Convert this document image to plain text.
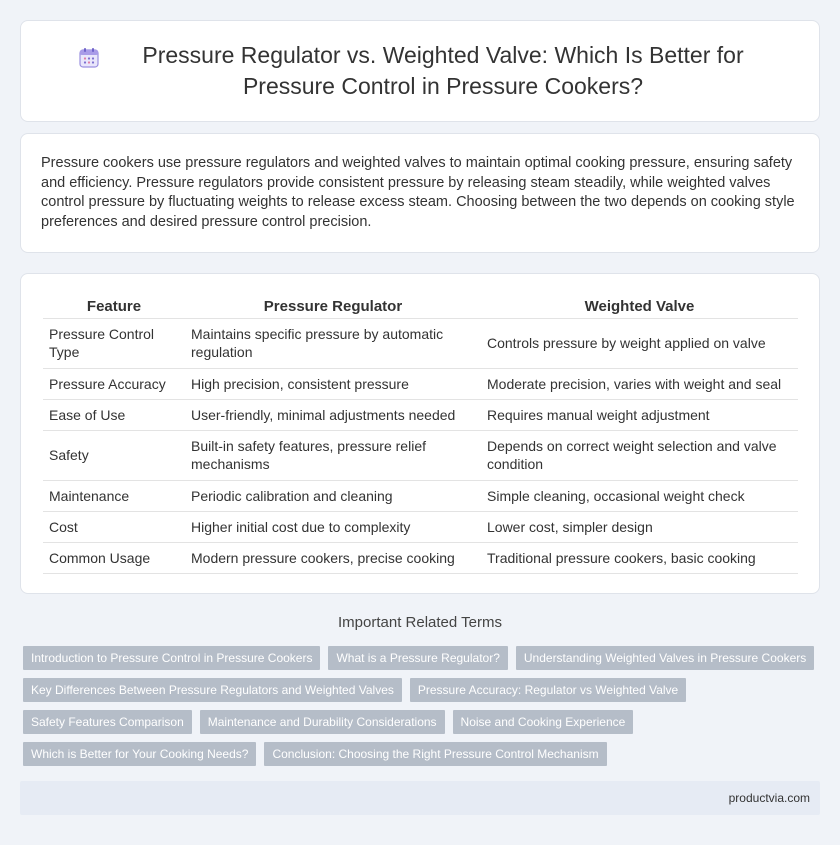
Pressure Regulator vs. Weighted Valve: Which Is Better for Pressure Control in Pressure Cookers?

Pressure cookers use pressure regulators and weighted valves to maintain optimal cooking pressure, ensuring safety and efficiency. Pressure regulators provide consistent pressure by releasing steam steadily, while weighted valves control pressure by fluctuating weights to release excess steam. Choosing between the two depends on cooking style preferences and desired pressure control precision.

Feature	Pressure Regulator	Weighted Valve
Pressure Control Type	Maintains specific pressure by automatic regulation	Controls pressure by weight applied on valve
Pressure Accuracy	High precision, consistent pressure	Moderate precision, varies with weight and seal
Ease of Use	User-friendly, minimal adjustments needed	Requires manual weight adjustment
Safety	Built-in safety features, pressure relief mechanisms	Depends on correct weight selection and valve condition
Maintenance	Periodic calibration and cleaning	Simple cleaning, occasional weight check
Cost	Higher initial cost due to complexity	Lower cost, simpler design
Common Usage	Modern pressure cookers, precise cooking	Traditional pressure cookers, basic cooking
Important Related Terms
Introduction to Pressure Control in Pressure Cookers	What is a Pressure Regulator?	Understanding Weighted Valves in Pressure Cookers
Key Differences Between Pressure Regulators and Weighted Valves	Pressure Accuracy: Regulator vs Weighted Valve
Safety Features Comparison	Maintenance and Durability Considerations	Noise and Cooking Experience
Which is Better for Your Cooking Needs?	Conclusion: Choosing the Right Pressure Control Mechanism
productvia.com
